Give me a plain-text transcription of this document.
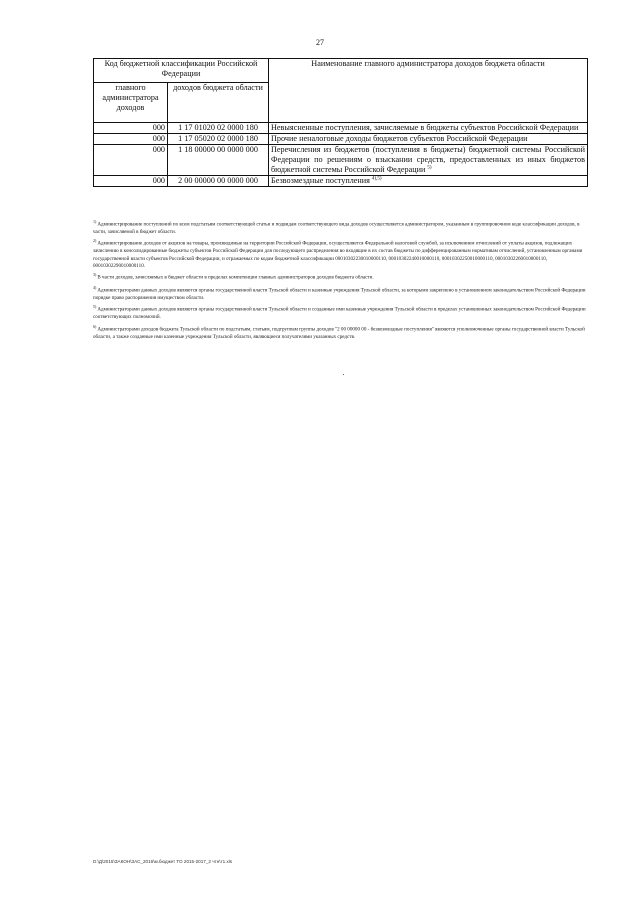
27
Код бюджетной классификации Российской Федерации		Наименование главного администратора доходов бюджета области
главного администратора доходов	доходов бюджета области	
000	1 17 01020 02 0000 180	Невыясненные поступления, зачисляемые в бюджеты субъектов Российской Федерации
000	1 17 05020 02 0000 180	Прочие неналоговые доходы бюджетов субъектов Российской Федерации
000	1 18 00000 00 0000 000	Перечисления из бюджетов (поступления в бюджеты) бюджетной системы Российской Федерации по решениям о взыскании средств, предоставленных из иных бюджетов бюджетной системы Российской Федерации $^{5)}$
000	2 00 00000 00 0000 000	Безвозмездные поступления $^{4),5)}$

$^{1)}$Администрирование поступлений по всем подстатьям соответствующей статьи и подвидам соответствующего вида доходов осуществляется администратором, указанным в группировочном коде классификации доходов, в части, зачисляемой в бюджет области.

$^{2)}$Администрирование доходов от акцизов на товары, производимые на территории Российской Федерации, осуществляется Федеральной налоговой службой, за исключением отчислений от уплаты акцизов, подлежащих зачислению в консолидированные бюджеты субъектов Российской Федерации для последующего распределения во входящие в их состав бюджеты по дифференцированным нормативам отчислений, установленным органами государственной власти субъектов Российской Федерации, и отражаемых по кодам бюджетной классификации 00010302230010000110, 00010302240010000110, 00010302250010000110, 00010302260010000110, 00010302290010000110.

$^{3)}$В части доходов, зачисляемых в бюджет области в пределах компетенции главных администраторов доходов бюджета области.

$^{4)}$Администраторами данных доходов являются органы государственной власти Тульской области и казенные учреждения Тульской области, за которыми закреплено в установленном законодательством Российской Федерации порядке право распоряжения имуществом области.

$^{5)}$Администраторами данных доходов являются органы государственной власти Тульской области и созданные ими казенные учреждения Тульской области в пределах установленных законодательством Российской Федерации соответствующих полномочий.

$^{6)}$Администраторами доходов бюджета Тульской области по подстатьям, статьям, подгруппам группы доходов "2 00 00000 00 - безвозмездные поступления" являются уполномоченные органы государственной власти Тульской области, а также созданные ими казенные учреждения Тульской области, являющиеся получателями указанных средств.

D:\Д\2015\ЗАКОН\ЗАС_2016\м.бюджет ТО 2015-2017_2 чтн\т1.xls
